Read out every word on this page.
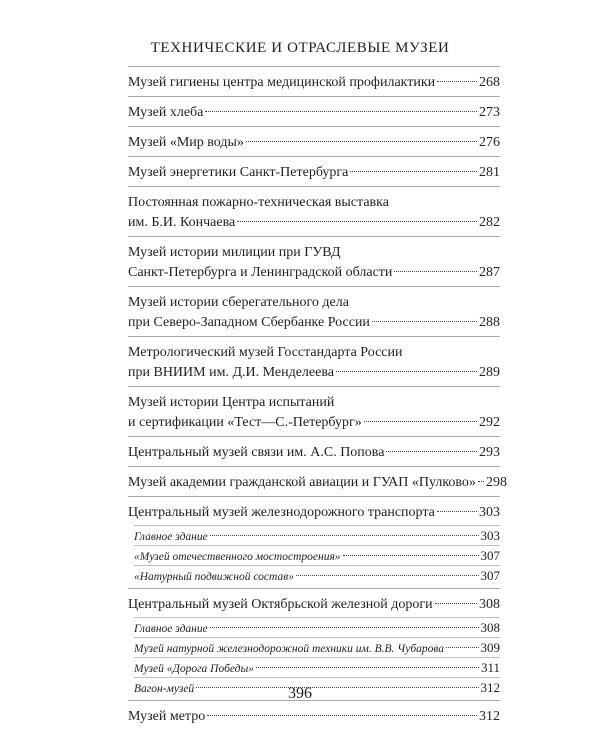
ТЕХНИЧЕСКИЕ И ОТРАСЛЕВЫЕ МУЗЕИ
Музей гигиены центра медицинской профилактики	268
Музей хлеба	273
Музей «Мир воды»	276
Музей энергетики Санкт-Петербурга	281
Постоянная пожарно-техническая выставка
им. Б.И. Кончаева	282
Музей истории милиции при ГУВД
Санкт-Петербурга и Ленинградской области	287
Музей истории сберегательного дела
при Северо-Западном Сбербанке России	288
Метрологический музей Госстандарта России
при ВНИИМ им. Д.И. Менделеева	289
Музей истории Центра испытаний
и сертификации «Тест—С.-Петербург»	292
Центральный музей связи им. А.С. Попова	293
Музей академии гражданской авиации и ГУАП «Пулково» 298
Центральный музей железнодорожного транспорта	303
Главное здание	303
«Музей отечественного мостостроения»	307
«Натурный подвижной состав»	307
Центральный музей Октябрьской железной дороги	308
Главное здание	308
Музей натурной железнодорожной техники им. В.В. Чубарова	309
Музей «Дорога Победы»	311
Вагон-музей	312
Музей метро	312
396
